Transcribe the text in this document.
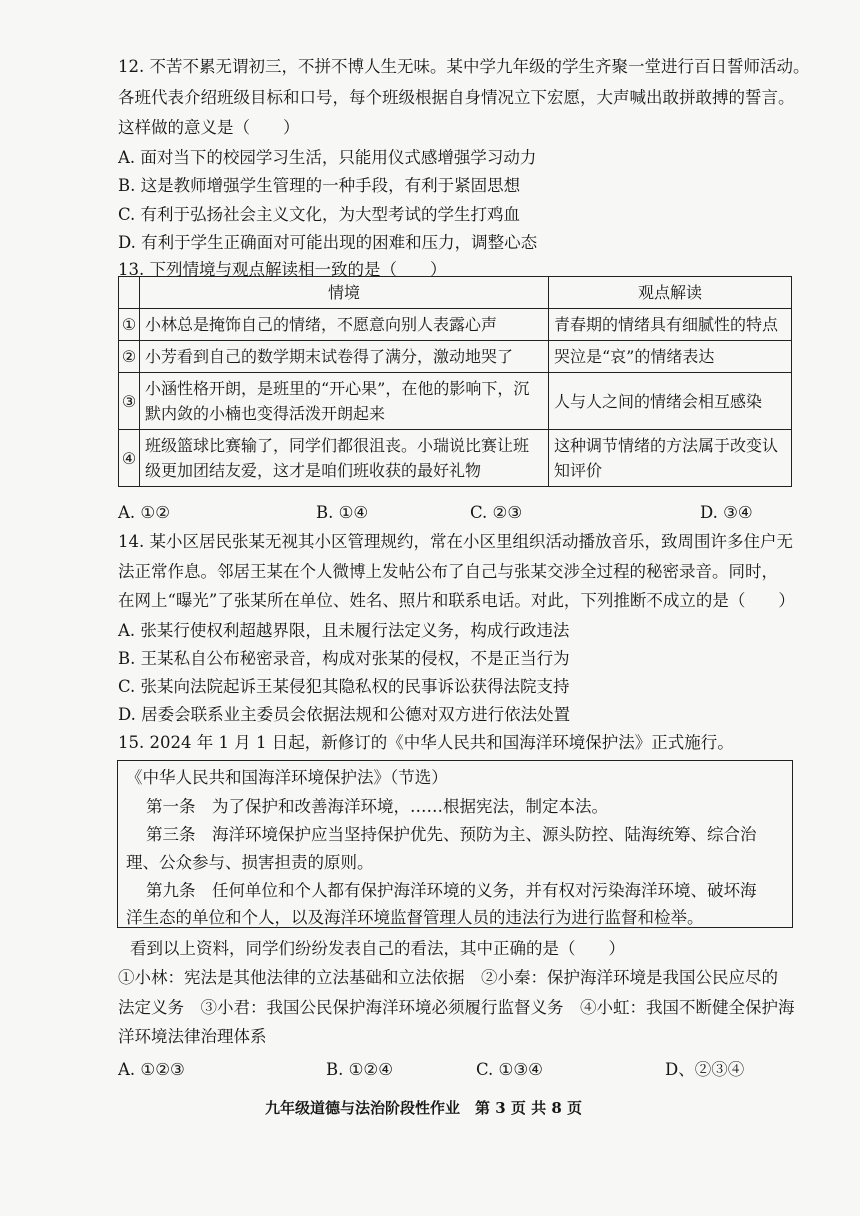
12. 不苦不累无谓初三，不拼不博人生无味。某中学九年级的学生齐聚一堂进行百日誓师活动。
各班代表介绍班级目标和口号，每个班级根据自身情况立下宏愿，大声喊出敢拼敢搏的誓言。
这样做的意义是（　　）
A. 面对当下的校园学习生活，只能用仪式感增强学习动力
B. 这是教师增强学生管理的一种手段，有利于紧固思想
C. 有利于弘扬社会主义文化，为大型考试的学生打鸡血
D. 有利于学生正确面对可能出现的困难和压力，调整心态
13. 下列情境与观点解读相一致的是（　　）
	情境	观点解读
①	小林总是掩饰自己的情绪，不愿意向别人表露心声	青春期的情绪具有细腻性的特点
②	小芳看到自己的数学期末试卷得了满分，激动地哭了	哭泣是“哀”的情绪表达
③	小涵性格开朗，是班里的“开心果”，在他的影响下，沉默内敛的小楠也变得活泼开朗起来	人与人之间的情绪会相互感染
④	班级篮球比赛输了，同学们都很沮丧。小瑞说比赛让班级更加团结友爱，这才是咱们班收获的最好礼物	这种调节情绪的方法属于改变认知评价
A. ①②	B. ①④	C. ②③	D. ③④
14. 某小区居民张某无视其小区管理规约，常在小区里组织活动播放音乐，致周围许多住户无
法正常作息。邻居王某在个人微博上发帖公布了自己与张某交涉全过程的秘密录音。同时，
在网上“曝光”了张某所在单位、姓名、照片和联系电话。对此，下列推断不成立的是（　　）
A. 张某行使权利超越界限，且未履行法定义务，构成行政违法
B. 王某私自公布秘密录音，构成对张某的侵权，不是正当行为
C. 张某向法院起诉王某侵犯其隐私权的民事诉讼获得法院支持
D. 居委会联系业主委员会依据法规和公德对双方进行依法处置
15. 2024 年 1 月 1 日起，新修订的《中华人民共和国海洋环境保护法》正式施行。
《中华人民共和国海洋环境保护法》（节选）
第一条　为了保护和改善海洋环境，……根据宪法，制定本法。
第三条　海洋环境保护应当坚持保护优先、预防为主、源头防控、陆海统筹、综合治
理、公众参与、损害担责的原则。
第九条　任何单位和个人都有保护海洋环境的义务，并有权对污染海洋环境、破坏海
洋生态的单位和个人，以及海洋环境监督管理人员的违法行为进行监督和检举。
看到以上资料，同学们纷纷发表自己的看法，其中正确的是（　　）
①小林：宪法是其他法律的立法基础和立法依据　②小秦：保护海洋环境是我国公民应尽的
法定义务　③小君：我国公民保护海洋环境必须履行监督义务　④小虹：我国不断健全保护海
洋环境法律治理体系
A. ①②③	B. ①②④	C. ①③④	D、②③④
九年级道德与法治阶段性作业　第 3 页 共 8 页
